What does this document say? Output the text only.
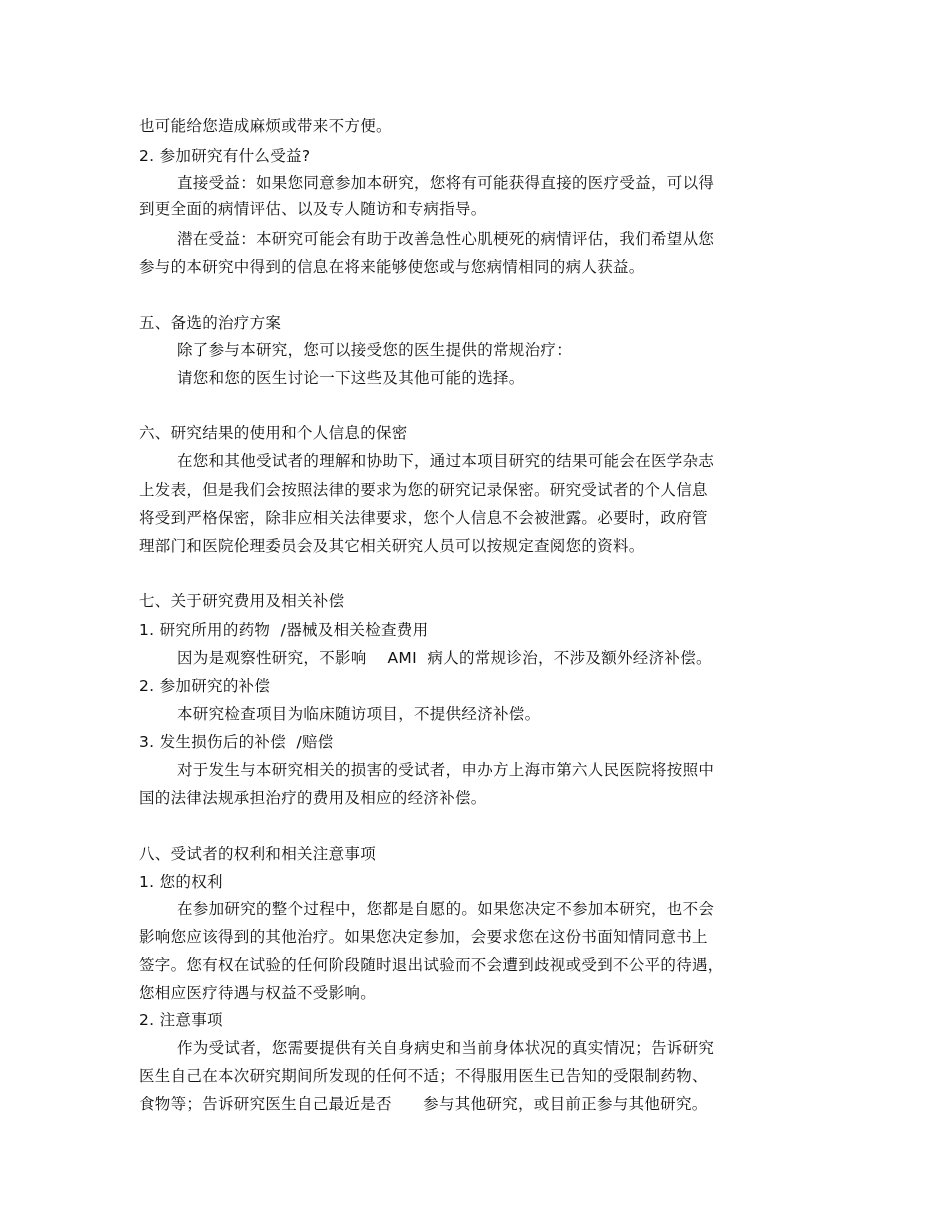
也可能给您造成麻烦或带来不方便。
2. 参加研究有什么受益?
直接受益：如果您同意参加本研究，您将有可能获得直接的医疗受益，可以得
到更全面的病情评估、以及专人随访和专病指导。
潜在受益：本研究可能会有助于改善急性心肌梗死的病情评估，我们希望从您
参与的本研究中得到的信息在将来能够使您或与您病情相同的病人获益。
五、备选的治疗方案
除了参与本研究，您可以接受您的医生提供的常规治疗：
请您和您的医生讨论一下这些及其他可能的选择。
六、研究结果的使用和个人信息的保密
在您和其他受试者的理解和协助下，通过本项目研究的结果可能会在医学杂志
上发表，但是我们会按照法律的要求为您的研究记录保密。研究受试者的个人信息
将受到严格保密，除非应相关法律要求，您个人信息不会被泄露。必要时，政府管
理部门和医院伦理委员会及其它相关研究人员可以按规定查阅您的资料。
七、关于研究费用及相关补偿
1. 研究所用的药物  /器械及相关检查费用
因为是观察性研究，不影响    AMI  病人的常规诊治，不涉及额外经济补偿。
2. 参加研究的补偿
本研究检查项目为临床随访项目，不提供经济补偿。
3. 发生损伤后的补偿  /赔偿
对于发生与本研究相关的损害的受试者，申办方上海市第六人民医院将按照中
国的法律法规承担治疗的费用及相应的经济补偿。
八、受试者的权利和相关注意事项
1. 您的权利
在参加研究的整个过程中，您都是自愿的。如果您决定不参加本研究，也不会
影响您应该得到的其他治疗。如果您决定参加，会要求您在这份书面知情同意书上
签字。您有权在试验的任何阶段随时退出试验而不会遭到歧视或受到不公平的待遇，
您相应医疗待遇与权益不受影响。
2. 注意事项
作为受试者，您需要提供有关自身病史和当前身体状况的真实情况；告诉研究
医生自己在本次研究期间所发现的任何不适；不得服用医生已告知的受限制药物、
食物等；告诉研究医生自己最近是否      参与其他研究，或目前正参与其他研究。
